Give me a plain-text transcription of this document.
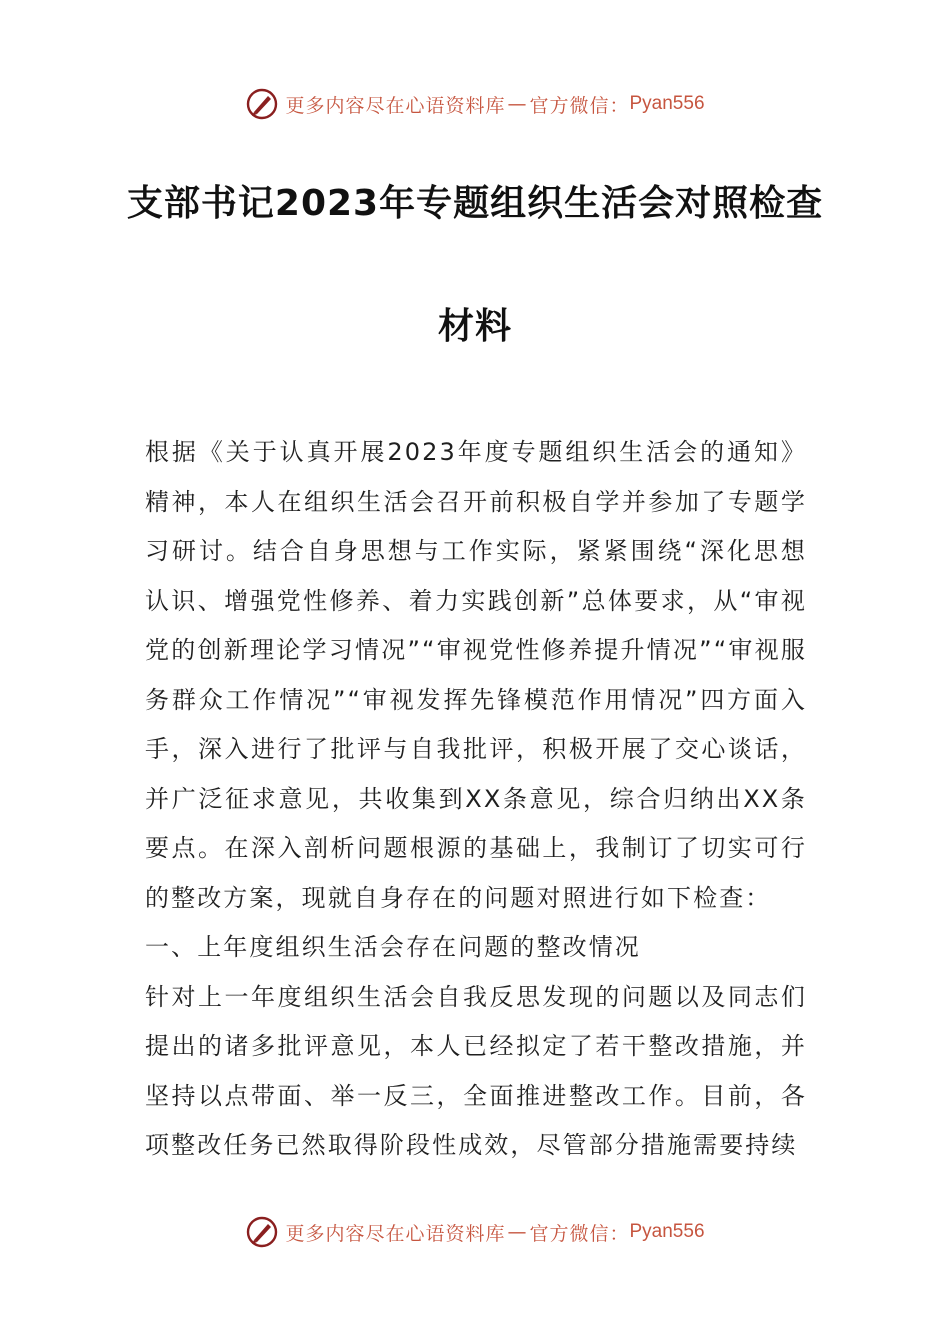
更多内容尽在心语资料库 — 官方微信： Pyan556
支部书记2023年专题组织生活会对照检查
材料

根据《关于认真开展2023年度专题组织生活会的通知》精神，本人在组织生活会召开前积极自学并参加了专题学习研讨。结合自身思想与工作实际，紧紧围绕“深化思想认识、增强党性修养、着力实践创新”总体要求，从“审视党的创新理论学习情况”“审视党性修养提升情况”“审视服务群众工作情况”“审视发挥先锋模范作用情况”四方面入手，深入进行了批评与自我批评，积极开展了交心谈话，并广泛征求意见，共收集到XX条意见，综合归纳出XX条要点。在深入剖析问题根源的基础上，我制订了切实可行的整改方案，现就自身存在的问题对照进行如下检查：

一、上年度组织生活会存在问题的整改情况

针对上一年度组织生活会自我反思发现的问题以及同志们提出的诸多批评意见，本人已经拟定了若干整改措施，并坚持以点带面、举一反三，全面推进整改工作。目前，各项整改任务已然取得阶段性成效，尽管部分措施需要持续

更多内容尽在心语资料库 — 官方微信： Pyan556
